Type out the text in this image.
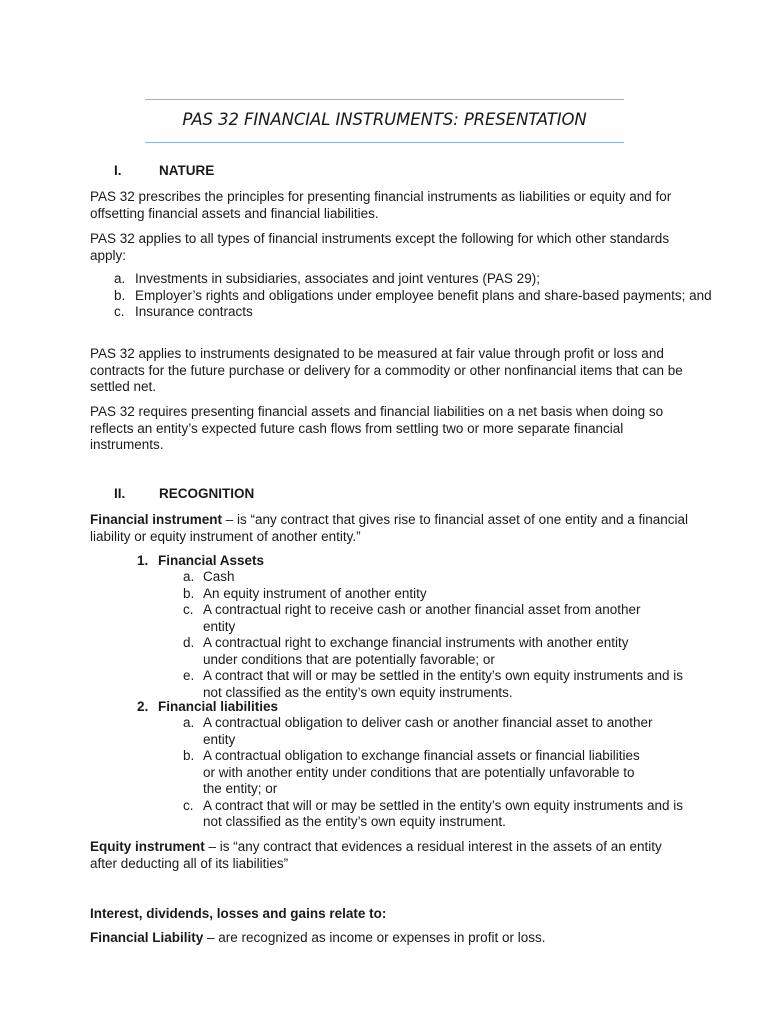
PAS 32 FINANCIAL INSTRUMENTS: PRESENTATION
I.	NATURE
PAS 32 prescribes the principles for presenting financial instruments as liabilities or equity and for offsetting financial assets and financial liabilities.
PAS 32 applies to all types of financial instruments except the following for which other standards apply:
a. Investments in subsidiaries, associates and joint ventures (PAS 29);
b. Employer’s rights and obligations under employee benefit plans and share-based payments; and
c. Insurance contracts
PAS 32 applies to instruments designated to be measured at fair value through profit or loss and contracts for the future purchase or delivery for a commodity or other nonfinancial items that can be settled net.
PAS 32 requires presenting financial assets and financial liabilities on a net basis when doing so reflects an entity’s expected future cash flows from settling two or more separate financial instruments.
II. RECOGNITION
Financial instrument – is “any contract that gives rise to financial asset of one entity and a financial liability or equity instrument of another entity.”
1. Financial Assets
a. Cash
b. An equity instrument of another entity
c. A contractual right to receive cash or another financial asset from another entity
d. A contractual right to exchange financial instruments with another entity under conditions that are potentially favorable; or
e. A contract that will or may be settled in the entity’s own equity instruments and is not classified as the entity’s own equity instruments.
2. Financial liabilities
a. A contractual obligation to deliver cash or another financial asset to another entity
b. A contractual obligation to exchange financial assets or financial liabilities or with another entity under conditions that are potentially unfavorable to the entity; or
c. A contract that will or may be settled in the entity’s own equity instruments and is not classified as the entity’s own equity instrument.
Equity instrument – is “any contract that evidences a residual interest in the assets of an entity after deducting all of its liabilities”
Interest, dividends, losses and gains relate to:
Financial Liability – are recognized as income or expenses in profit or loss.
